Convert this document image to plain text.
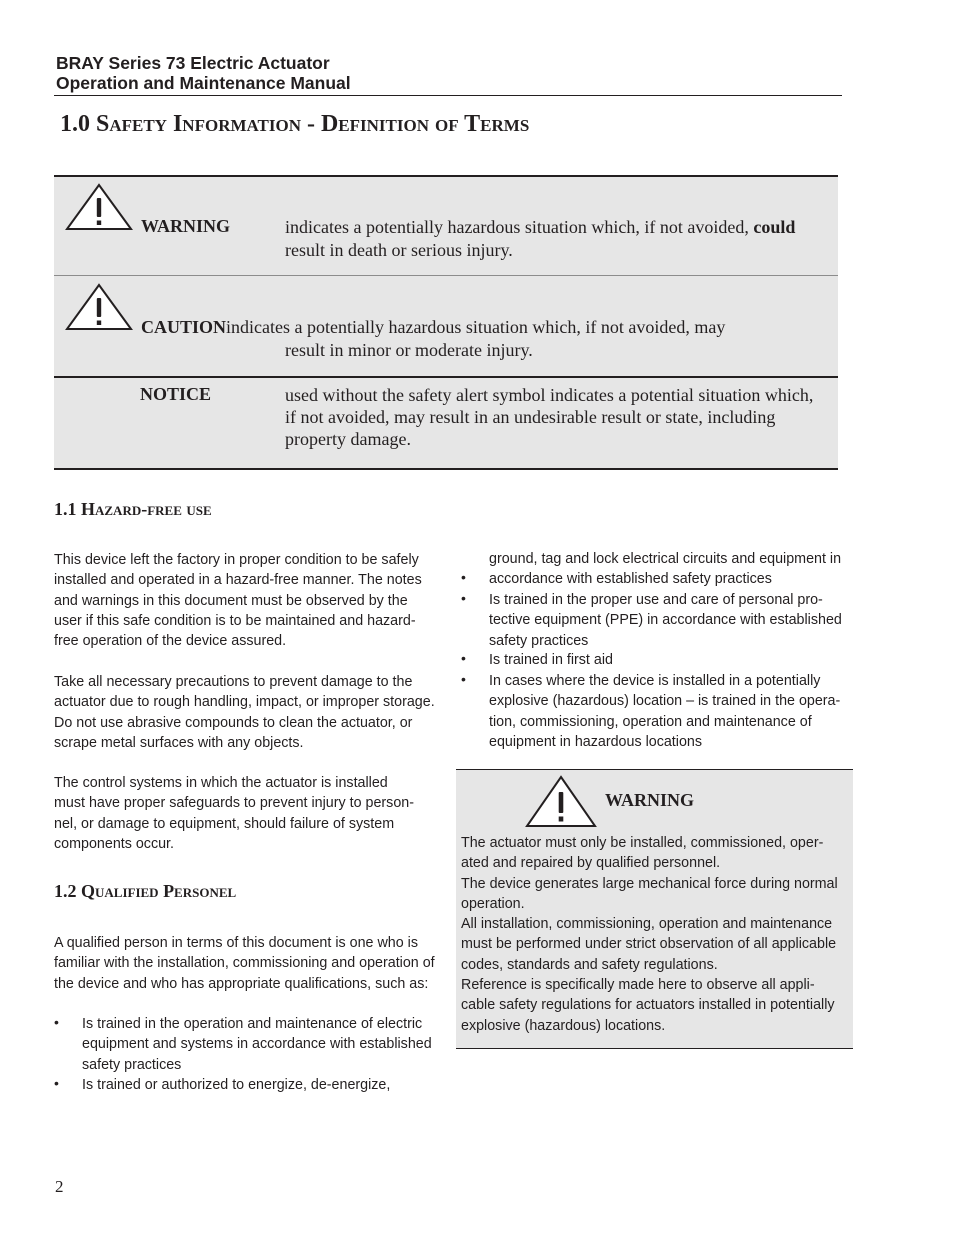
BRAY Series 73 Electric Actuator
Operation and Maintenance Manual
1.0 Safety Information - Definition of Terms
WARNING	indicates a potentially hazardous situation which, if not avoided, could
result in death or serious injury.
CAUTIONindicates a potentially hazardous situation which, if not avoided, may
result in minor or moderate injury.
NOTICE	used without the safety alert symbol indicates a potential situation which,
if not avoided, may result in an undesirable result or state, including
property damage.
1.1 Hazard-free use
This device left the factory in proper condition to be safely
installed and operated in a hazard-free manner. The notes
and warnings in this document must be observed by the
user if this safe condition is to be maintained and hazard-
free operation of the device assured.
Take all necessary precautions to prevent damage to the
actuator due to rough handling, impact, or improper storage.
Do not use abrasive compounds to clean the actuator, or
scrape metal surfaces with any objects.
The control systems in which the actuator is installed
must have proper safeguards to prevent injury to person-
nel, or damage to equipment, should failure of system
components occur.
1.2 Qualified Personel
A qualified person in terms of this document is one who is
familiar with the installation, commissioning and operation of
the device and who has appropriate qualifications, such as:
• Is trained in the operation and maintenance of electric
equipment and systems in accordance with established
safety practices
• Is trained or authorized to energize, de-energize,
ground, tag and lock electrical circuits and equipment in
• accordance with established safety practices
• Is trained in the proper use and care of personal pro-
tective equipment (PPE) in accordance with established
safety practices
• Is trained in first aid
• In cases where the device is installed in a potentially
explosive (hazardous) location – is trained in the opera-
tion, commissioning, operation and maintenance of
equipment in hazardous locations
WARNING
The actuator must only be installed, commissioned, oper-
ated and repaired by qualified personnel.
The device generates large mechanical force during normal
operation.
All installation, commissioning, operation and maintenance
must be performed under strict observation of all applicable
codes, standards and safety regulations.
Reference is specifically made here to observe all appli-
cable safety regulations for actuators installed in potentially
explosive (hazardous) locations.
2
